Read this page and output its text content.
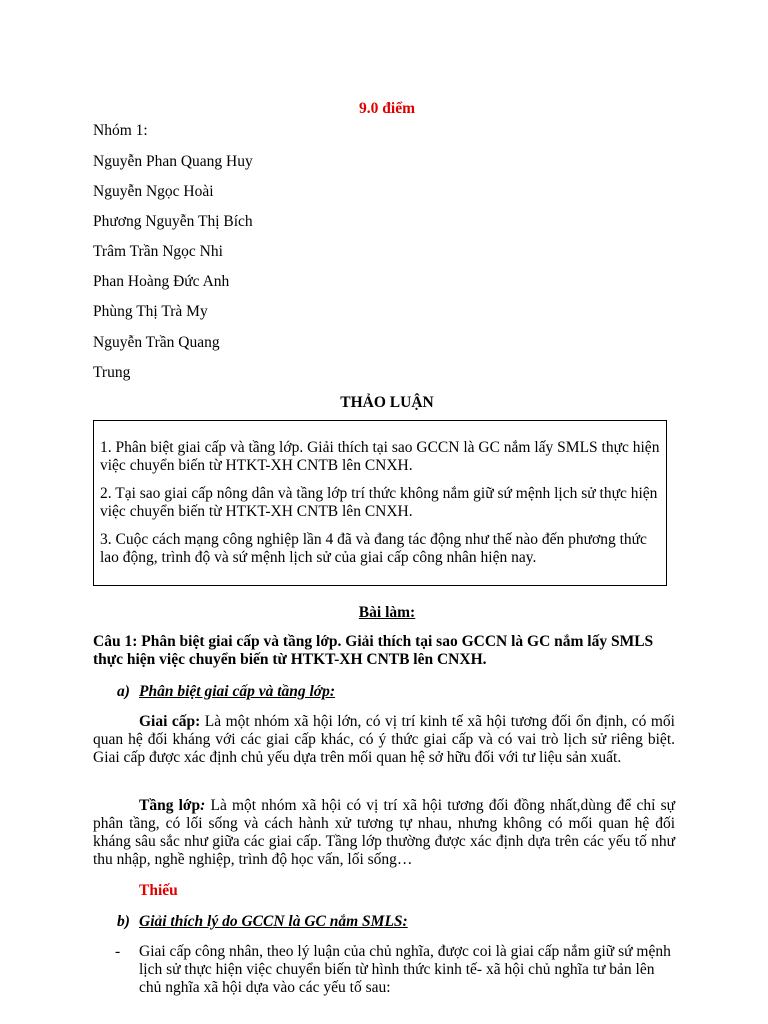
9.0 điểm
Nhóm 1:
Nguyễn Phan Quang Huy
Nguyễn Ngọc Hoài
Phương Nguyễn Thị Bích
Trâm Trần Ngọc Nhi
Phan Hoàng Đức Anh
Phùng Thị Trà My
Nguyễn Trần Quang
Trung
THẢO LUẬN

1. Phân biệt giai cấp và tầng lớp. Giải thích tại sao GCCN là GC nắm lấy SMLS thực hiện việc chuyển biến từ HTKT-XH CNTB lên CNXH.

2. Tại sao giai cấp nông dân và tầng lớp trí thức không nắm giữ sứ mệnh lịch sử thực hiện việc chuyển biến từ HTKT-XH CNTB lên CNXH.

3. Cuộc cách mạng công nghiệp lần 4 đã và đang tác động như thế nào đến phương thức lao động, trình độ và sứ mệnh lịch sử của giai cấp công nhân hiện nay.

Bài làm:
Câu 1: Phân biệt giai cấp và tầng lớp. Giải thích tại sao GCCN là GC nắm lấy SMLS thực hiện việc chuyển biến từ HTKT-XH CNTB lên CNXH.
a) Phân biệt giai cấp và tầng lớp:
Giai cấp: Là một nhóm xã hội lớn, có vị trí kinh tế xã hội tương đối ổn định, có mối quan hệ đối kháng với các giai cấp khác, có ý thức giai cấp và có vai trò lịch sử riêng biệt. Giai cấp được xác định chủ yếu dựa trên mối quan hệ sở hữu đối với tư liệu sản xuất.
Tầng lớp: Là một nhóm xã hội có vị trí xã hội tương đối đồng nhất,dùng để chỉ sự phân tầng, có lối sống và cách hành xử tương tự nhau, nhưng không có mối quan hệ đối kháng sâu sắc như giữa các giai cấp. Tầng lớp thường được xác định dựa trên các yếu tố như thu nhập, nghề nghiệp, trình độ học vấn, lối sống…
Thiếu
b) Giải thích lý do GCCN là GC nắm SMLS:
- Giai cấp công nhân, theo lý luận của chủ nghĩa, được coi là giai cấp nắm giữ sứ mệnh lịch sử thực hiện việc chuyển biến từ hình thức kinh tế- xã hội chủ nghĩa tư bản lên chủ nghĩa xã hội dựa vào các yếu tố sau:
